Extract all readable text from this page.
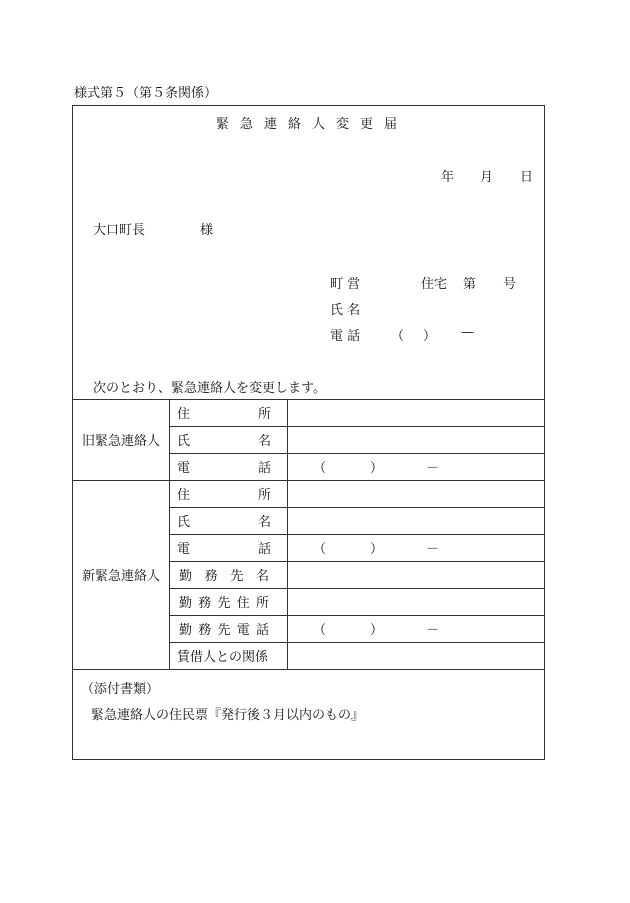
様式第５（第５条関係）
緊急連絡人変更届
年 月 日
大口町長	様
町 営	住宅 第 号
氏 名
電 話 （ ） —
次のとおり、緊急連絡人を変更します。
旧緊急連絡人
住	所
氏	名
電	話	（	）	－
新緊急連絡人
住	所
氏	名
電	話	（	）	－
勤 務 先 名
勤 務 先 住 所
勤 務 先 電 話	（	）	－
賃借人との関係
（添付書類）
緊急連絡人の住民票『発行後３月以内のもの』
